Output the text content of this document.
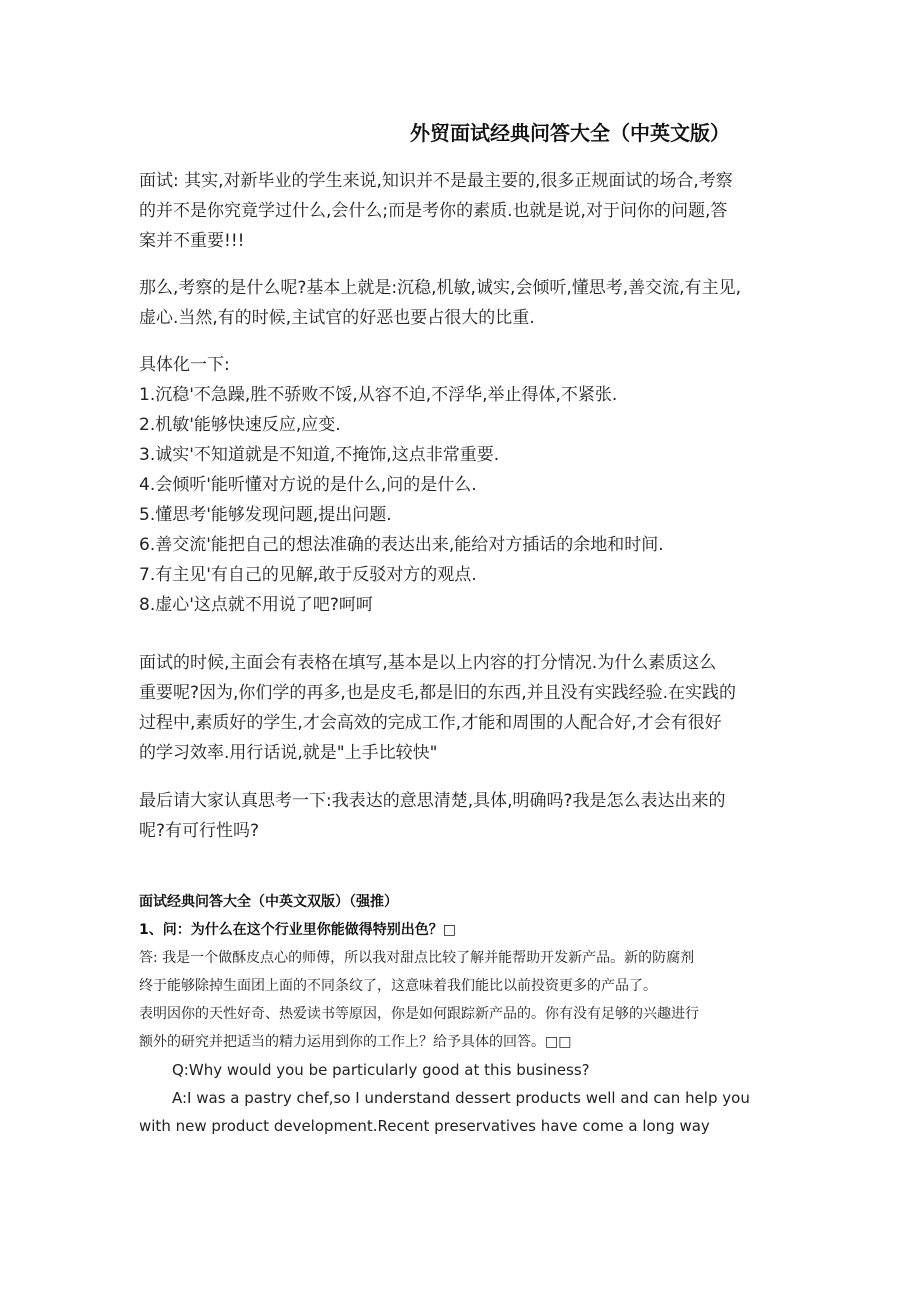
外贸面试经典问答大全（中英文版）

面试: 其实,对新毕业的学生来说,知识并不是最主要的,很多正规面试的场合,考察
的并不是你究竟学过什么,会什么;而是考你的素质.也就是说,对于问你的问题,答
案并不重要!!!

那么,考察的是什么呢?基本上就是:沉稳,机敏,诚实,会倾听,懂思考,善交流,有主见,
虚心.当然,有的时候,主试官的好恶也要占很大的比重.

具体化一下:
1.沉稳'不急躁,胜不骄败不馁,从容不迫,不浮华,举止得体,不紧张.
2.机敏'能够快速反应,应变.
3.诚实'不知道就是不知道,不掩饰,这点非常重要.
4.会倾听'能听懂对方说的是什么,问的是什么.
5.懂思考'能够发现问题,提出问题.
6.善交流'能把自己的想法准确的表达出来,能给对方插话的余地和时间.
7.有主见'有自己的见解,敢于反驳对方的观点.
8.虚心'这点就不用说了吧?呵呵

面试的时候,主面会有表格在填写,基本是以上内容的打分情况.为什么素质这么
重要呢?因为,你们学的再多,也是皮毛,都是旧的东西,并且没有实践经验.在实践的
过程中,素质好的学生,才会高效的完成工作,才能和周围的人配合好,才会有很好
的学习效率.用行话说,就是"上手比较快"

最后请大家认真思考一下:我表达的意思清楚,具体,明确吗?我是怎么表达出来的
呢?有可行性吗?

面试经典问答大全（中英文双版）（强推）
1、问：为什么在这个行业里你能做得特别出色？□
答: 我是一个做酥皮点心的师傅，所以我对甜点比较了解并能帮助开发新产品。新的防腐剂
终于能够除掉生面团上面的不同条纹了，这意味着我们能比以前投资更多的产品了。
表明因你的天性好奇、热爱读书等原因，你是如何跟踪新产品的。你有没有足够的兴趣进行
额外的研究并把适当的精力运用到你的工作上？给予具体的回答。□□
Q:Why would you be particularly good at this business?
A:I was a pastry chef,so I understand dessert products well and can help you
with new product development.Recent preservatives have come a long way
